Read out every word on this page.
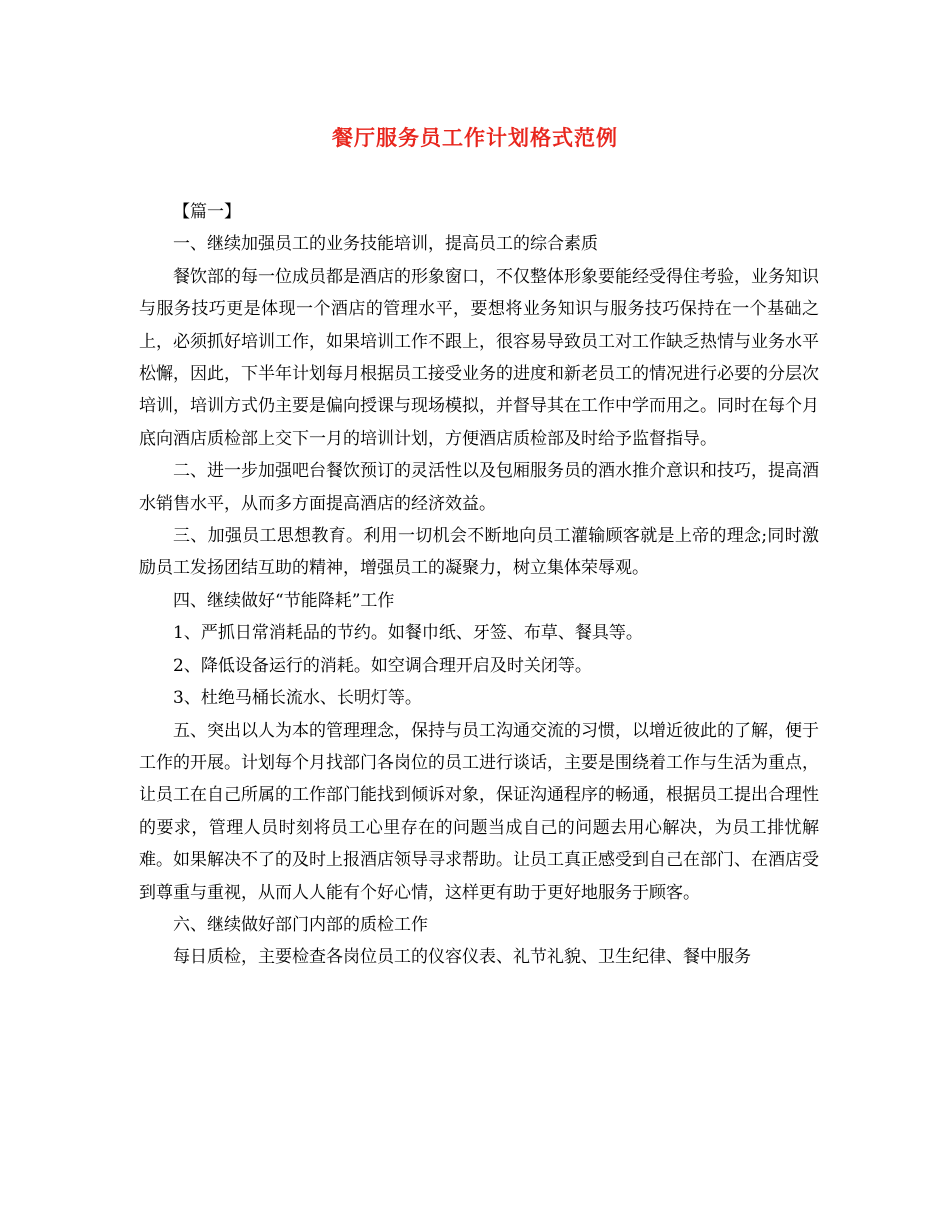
餐厅服务员工作计划格式范例

【篇一】

一、继续加强员工的业务技能培训，提高员工的综合素质

餐饮部的每一位成员都是酒店的形象窗口，不仅整体形象要能经受得住考验，业务知识与服务技巧更是体现一个酒店的管理水平，要想将业务知识与服务技巧保持在一个基础之上，必须抓好培训工作，如果培训工作不跟上，很容易导致员工对工作缺乏热情与业务水平松懈，因此，下半年计划每月根据员工接受业务的进度和新老员工的情况进行必要的分层次培训，培训方式仍主要是偏向授课与现场模拟，并督导其在工作中学而用之。同时在每个月底向酒店质检部上交下一月的培训计划，方便酒店质检部及时给予监督指导。

二、进一步加强吧台餐饮预订的灵活性以及包厢服务员的酒水推介意识和技巧，提高酒水销售水平，从而多方面提高酒店的经济效益。

三、加强员工思想教育。利用一切机会不断地向员工灌输顾客就是上帝的理念;同时激励员工发扬团结互助的精神，增强员工的凝聚力，树立集体荣辱观。

四、继续做好“节能降耗”工作

1、严抓日常消耗品的节约。如餐巾纸、牙签、布草、餐具等。

2、降低设备运行的消耗。如空调合理开启及时关闭等。

3、杜绝马桶长流水、长明灯等。

五、突出以人为本的管理理念，保持与员工沟通交流的习惯，以增近彼此的了解，便于工作的开展。计划每个月找部门各岗位的员工进行谈话，主要是围绕着工作与生活为重点，让员工在自己所属的工作部门能找到倾诉对象，保证沟通程序的畅通，根据员工提出合理性的要求，管理人员时刻将员工心里存在的问题当成自己的问题去用心解决，为员工排忧解难。如果解决不了的及时上报酒店领导寻求帮助。让员工真正感受到自己在部门、在酒店受到尊重与重视，从而人人能有个好心情，这样更有助于更好地服务于顾客。

六、继续做好部门内部的质检工作

每日质检，主要检查各岗位员工的仪容仪表、礼节礼貌、卫生纪律、餐中服务
